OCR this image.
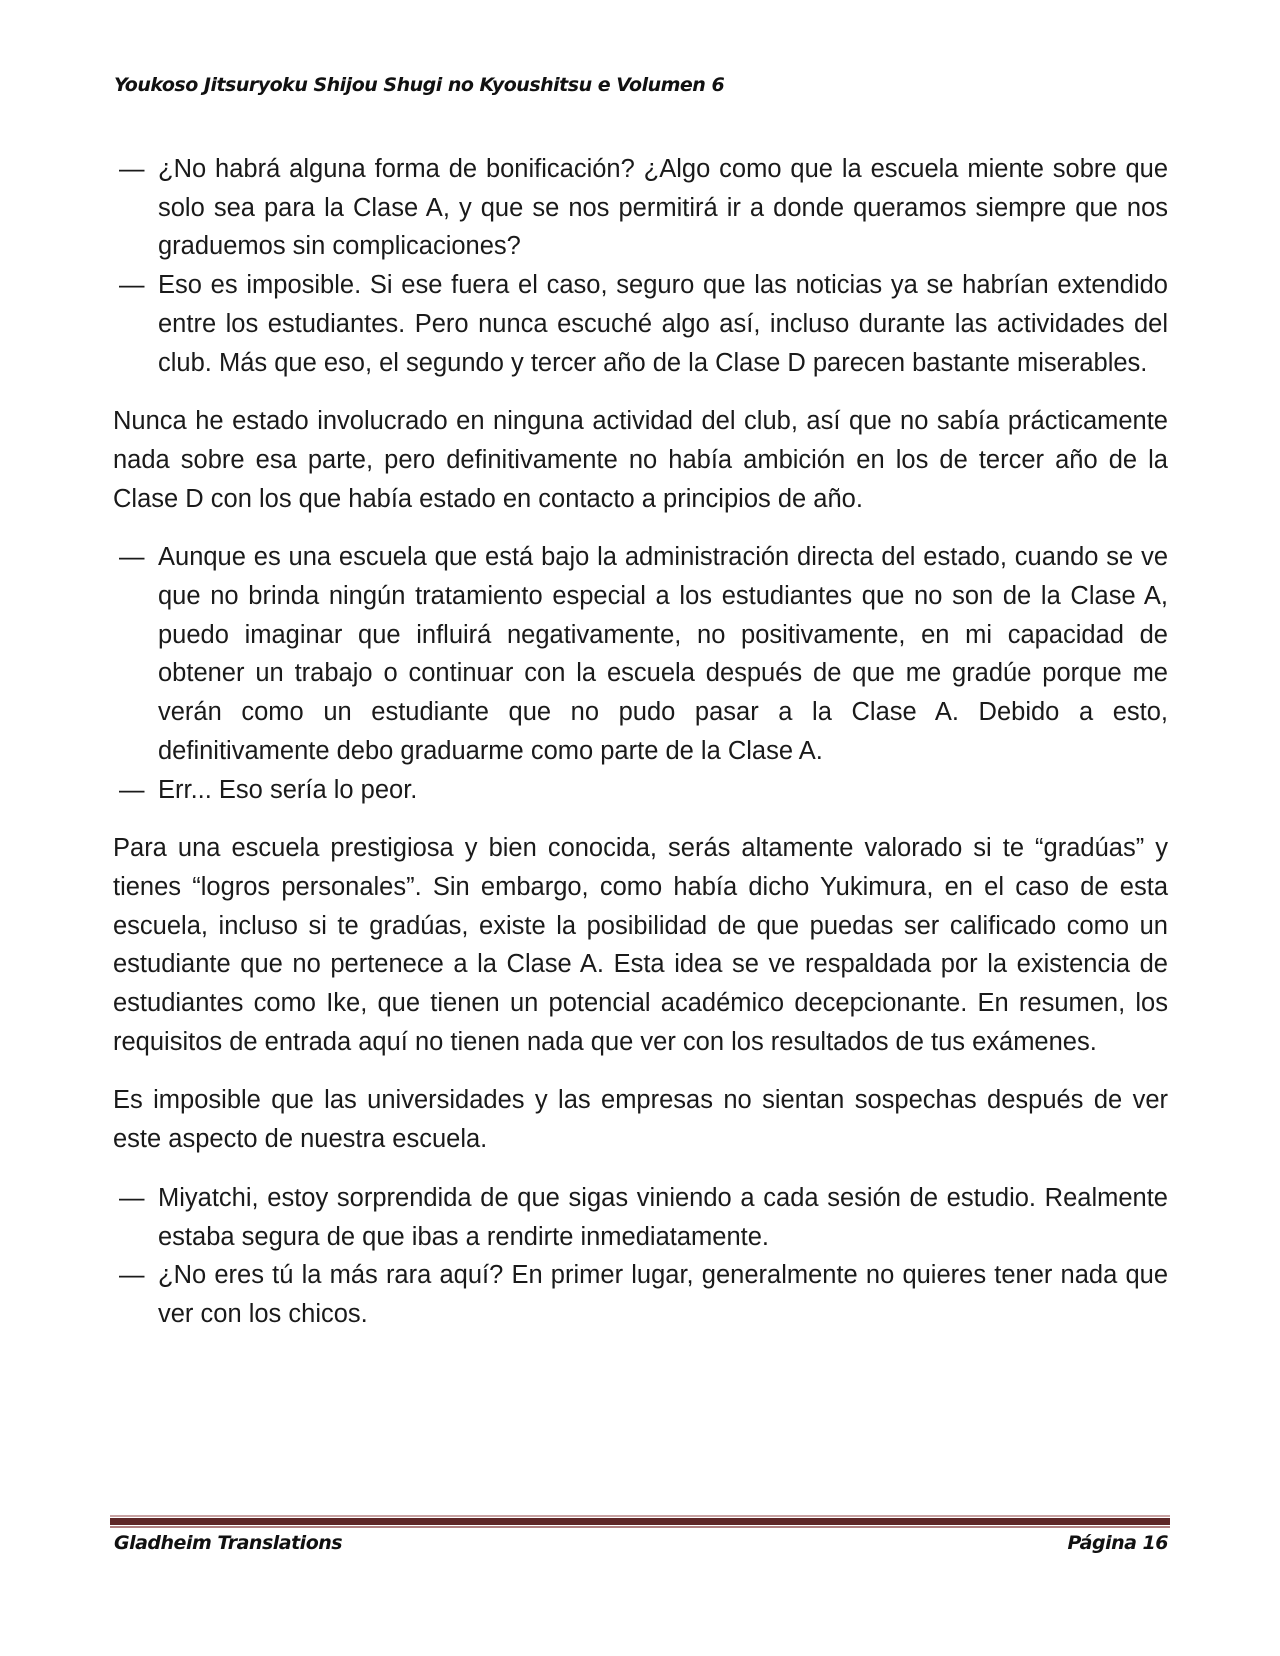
Youkoso Jitsuryoku Shijou Shugi no Kyoushitsu e Volumen 6
— ¿No habrá alguna forma de bonificación? ¿Algo como que la escuela miente sobre que solo sea para la Clase A, y que se nos permitirá ir a donde queramos siempre que nos graduemos sin complicaciones?
— Eso es imposible. Si ese fuera el caso, seguro que las noticias ya se habrían extendido entre los estudiantes. Pero nunca escuché algo así, incluso durante las actividades del club. Más que eso, el segundo y tercer año de la Clase D parecen bastante miserables.
Nunca he estado involucrado en ninguna actividad del club, así que no sabía prácticamente nada sobre esa parte, pero definitivamente no había ambición en los de tercer año de la Clase D con los que había estado en contacto a principios de año.
— Aunque es una escuela que está bajo la administración directa del estado, cuando se ve que no brinda ningún tratamiento especial a los estudiantes que no son de la Clase A, puedo imaginar que influirá negativamente, no positivamente, en mi capacidad de obtener un trabajo o continuar con la escuela después de que me gradúe porque me verán como un estudiante que no pudo pasar a la Clase A. Debido a esto, definitivamente debo graduarme como parte de la Clase A.
— Err... Eso sería lo peor.
Para una escuela prestigiosa y bien conocida, serás altamente valorado si te “gradúas” y tienes “logros personales”. Sin embargo, como había dicho Yukimura, en el caso de esta escuela, incluso si te gradúas, existe la posibilidad de que puedas ser calificado como un estudiante que no pertenece a la Clase A. Esta idea se ve respaldada por la existencia de estudiantes como Ike, que tienen un potencial académico decepcionante. En resumen, los requisitos de entrada aquí no tienen nada que ver con los resultados de tus exámenes.
Es imposible que las universidades y las empresas no sientan sospechas después de ver este aspecto de nuestra escuela.
— Miyatchi, estoy sorprendida de que sigas viniendo a cada sesión de estudio. Realmente estaba segura de que ibas a rendirte inmediatamente.
— ¿No eres tú la más rara aquí? En primer lugar, generalmente no quieres tener nada que ver con los chicos.
Gladheim Translations	Página 16
